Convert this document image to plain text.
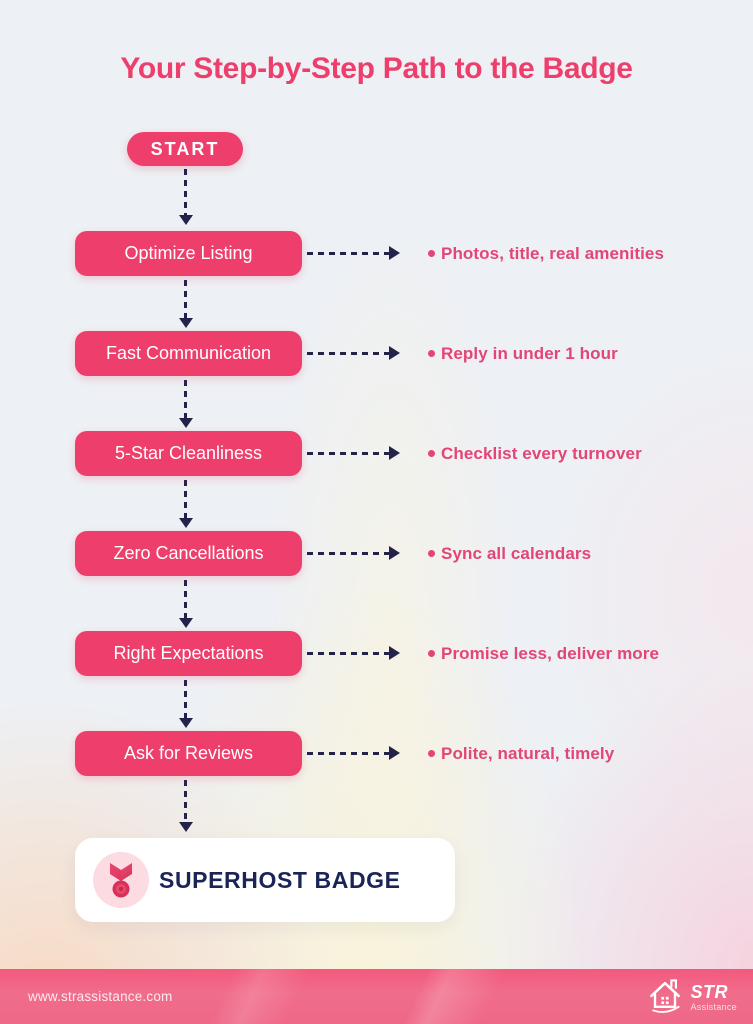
Your Step-by-Step Path to the Badge
START
Optimize Listing	Photos, title, real amenities
Fast Communication	Reply in under 1 hour
5-Star Cleanliness	Checklist every turnover
Zero Cancellations	Sync all calendars
Right Expectations	Promise less, deliver more
Ask for Reviews	Polite, natural, timely
SUPERHOST BADGE
www.strassistance.com	STR
Assistance
